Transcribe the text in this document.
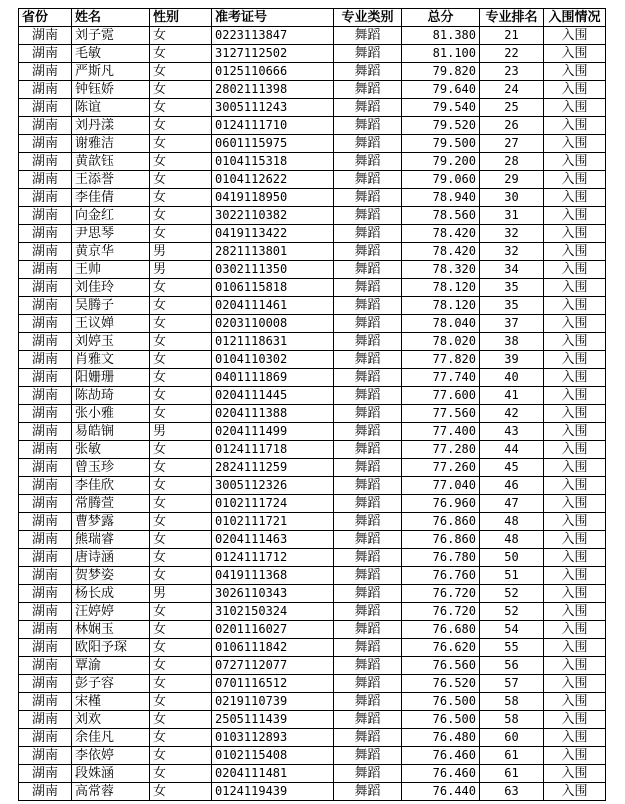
省份	姓名	性别	准考证号	专业类别	总分	专业排名	入围情况
湖南	刘子霓	女	0223113847	舞蹈	81.380	21	入围
湖南	毛敏	女	3127112502	舞蹈	81.100	22	入围
湖南	严斯凡	女	0125110666	舞蹈	79.820	23	入围
湖南	钟钰娇	女	2802111398	舞蹈	79.640	24	入围
湖南	陈谊	女	3005111243	舞蹈	79.540	25	入围
湖南	刘丹漾	女	0124111710	舞蹈	79.520	26	入围
湖南	谢雅洁	女	0601115975	舞蹈	79.500	27	入围
湖南	黄歆钰	女	0104115318	舞蹈	79.200	28	入围
湖南	王添誉	女	0104112622	舞蹈	79.060	29	入围
湖南	李佳倩	女	0419118950	舞蹈	78.940	30	入围
湖南	向金红	女	3022110382	舞蹈	78.560	31	入围
湖南	尹思琴	女	0419113422	舞蹈	78.420	32	入围
湖南	黄京华	男	2821113801	舞蹈	78.420	32	入围
湖南	王帅	男	0302111350	舞蹈	78.320	34	入围
湖南	刘佳玲	女	0106115818	舞蹈	78.120	35	入围
湖南	吴腾子	女	0204111461	舞蹈	78.120	35	入围
湖南	王议婵	女	0203110008	舞蹈	78.040	37	入围
湖南	刘婷玉	女	0121118631	舞蹈	78.020	38	入围
湖南	肖雅文	女	0104110302	舞蹈	77.820	39	入围
湖南	阳姗珊	女	0401111869	舞蹈	77.740	40	入围
湖南	陈劼琦	女	0204111445	舞蹈	77.600	41	入围
湖南	张小雅	女	0204111388	舞蹈	77.560	42	入围
湖南	易皓锎	男	0204111499	舞蹈	77.400	43	入围
湖南	张敏	女	0124111718	舞蹈	77.280	44	入围
湖南	曾玉珍	女	2824111259	舞蹈	77.260	45	入围
湖南	李佳欣	女	3005112326	舞蹈	77.040	46	入围
湖南	常腾萱	女	0102111724	舞蹈	76.960	47	入围
湖南	曹梦露	女	0102111721	舞蹈	76.860	48	入围
湖南	熊瑞睿	女	0204111463	舞蹈	76.860	48	入围
湖南	唐诗涵	女	0124111712	舞蹈	76.780	50	入围
湖南	贺梦姿	女	0419111368	舞蹈	76.760	51	入围
湖南	杨长成	男	3026110343	舞蹈	76.720	52	入围
湖南	汪婷婷	女	3102150324	舞蹈	76.720	52	入围
湖南	林娴玉	女	0201116027	舞蹈	76.680	54	入围
湖南	欧阳予琛	女	0106111842	舞蹈	76.620	55	入围
湖南	覃渝	女	0727112077	舞蹈	76.560	56	入围
湖南	彭子容	女	0701116512	舞蹈	76.520	57	入围
湖南	宋槿	女	0219110739	舞蹈	76.500	58	入围
湖南	刘欢	女	2505111439	舞蹈	76.500	58	入围
湖南	余佳凡	女	0103112893	舞蹈	76.480	60	入围
湖南	李依婷	女	0102115408	舞蹈	76.460	61	入围
湖南	段姝涵	女	0204111481	舞蹈	76.460	61	入围
湖南	高常蓉	女	0124119439	舞蹈	76.440	63	入围
